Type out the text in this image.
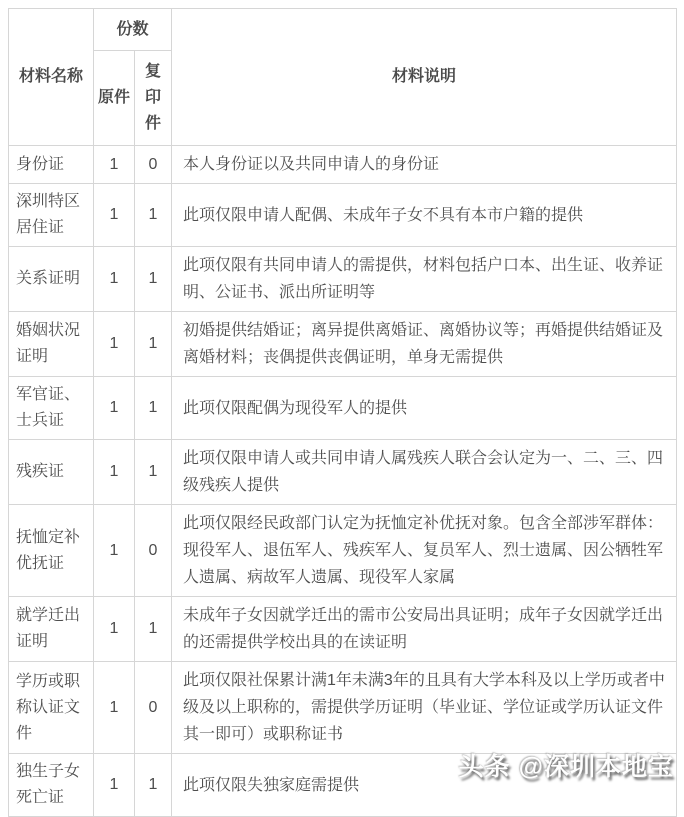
材料名称	份数		材料说明
	原件	复印件	
身份证	1	0	本人身份证以及共同申请人的身份证
深圳特区居住证	1	1	此项仅限申请人配偶、未成年子女不具有本市户籍的提供
关系证明	1	1	此项仅限有共同申请人的需提供，材料包括户口本、出生证、收养证明、公证书、派出所证明等
婚姻状况证明	1	1	初婚提供结婚证；离异提供离婚证、离婚协议等；再婚提供结婚证及离婚材料；丧偶提供丧偶证明，单身无需提供
军官证、士兵证	1	1	此项仅限配偶为现役军人的提供
残疾证	1	1	此项仅限申请人或共同申请人属残疾人联合会认定为一、二、三、四级残疾人提供
抚恤定补优抚证	1	0	此项仅限经民政部门认定为抚恤定补优抚对象。包含全部涉军群体：现役军人、退伍军人、残疾军人、复员军人、烈士遗属、因公牺牲军人遗属、病故军人遗属、现役军人家属
就学迁出证明	1	1	未成年子女因就学迁出的需市公安局出具证明；成年子女因就学迁出的还需提供学校出具的在读证明
学历或职称认证文件	1	0	此项仅限社保累计满1年未满3年的且具有大学本科及以上学历或者中级及以上职称的，需提供学历证明（毕业证、学位证或学历认证文件其一即可）或职称证书
独生子女死亡证	1	1	此项仅限失独家庭需提供
头条 @深圳本地宝
